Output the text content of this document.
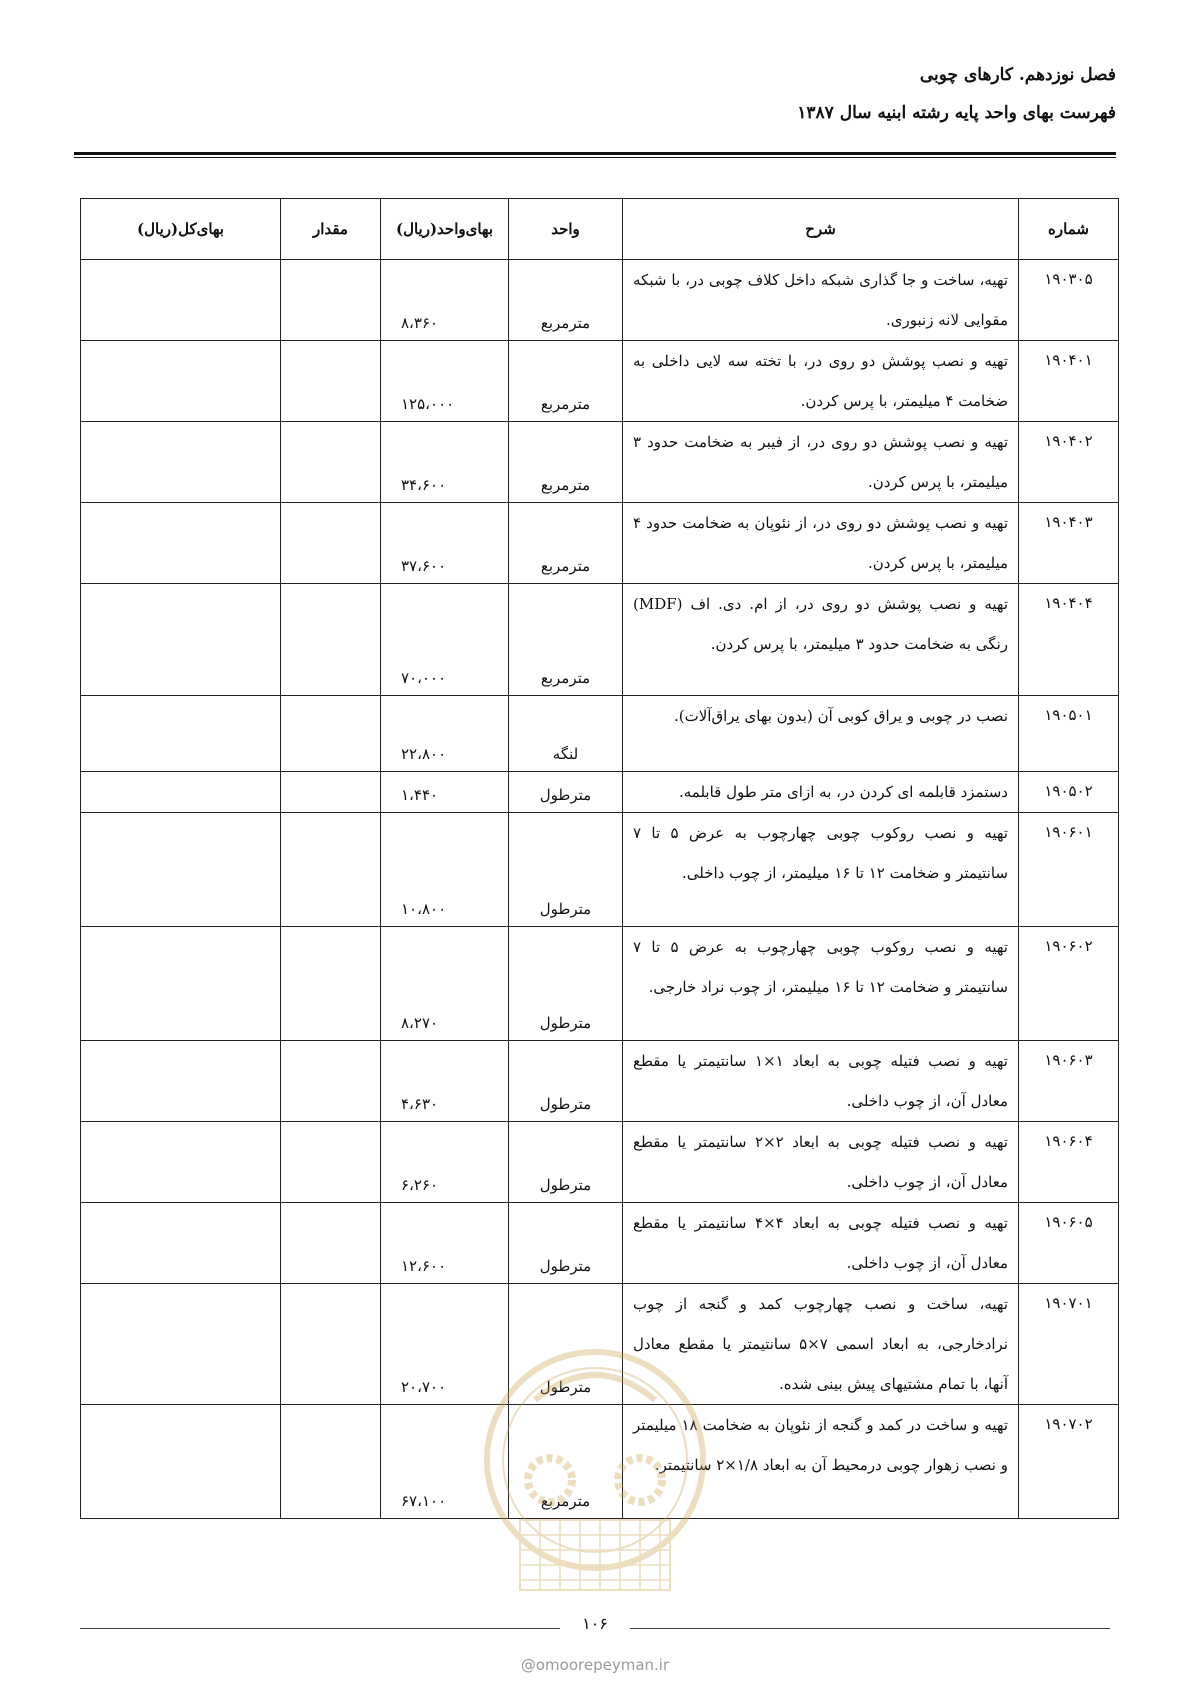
فصل نوزدهم. کارهای چوبی
فهرست بهای واحد پایه رشته ابنیه سال ۱۳۸۷
شماره	شرح	واحد	بهای‌واحد(ریال)	مقدار	بهای‌کل(ریال)
۱۹۰۳۰۵	تهیه، ساخت و جا گذاری شبکه داخل کلاف چوبی در، با شبکه مقوایی لانه زنبوری.	مترمربع	۸،۳۶۰		
۱۹۰۴۰۱	تهیه و نصب پوشش دو روی در، با تخته سه لایی داخلی به ضخامت ۴ میلیمتر، با پرس کردن.	مترمربع	۱۲۵،۰۰۰		
۱۹۰۴۰۲	تهیه و نصب پوشش دو روی در، از فیبر به ضخامت حدود ۳ میلیمتر، با پرس کردن.	مترمربع	۳۴،۶۰۰		
۱۹۰۴۰۳	تهیه و نصب پوشش دو روی در، از نئوپان به ضخامت حدود ۴ میلیمتر، با پرس کردن.	مترمربع	۳۷،۶۰۰		
۱۹۰۴۰۴	تهیه و نصب پوشش دو روی در، از ام. دی. اف (MDF) رنگی به ضخامت حدود ۳ میلیمتر، با پرس کردن.	مترمربع	۷۰،۰۰۰		
۱۹۰۵۰۱	نصب در چوبی و یراق کوبی آن (بدون بهای یراق‌آلات).	لنگه	۲۲،۸۰۰		
۱۹۰۵۰۲	دستمزد قابلمه ای کردن در، به ازای متر طول قابلمه.	مترطول	۱،۴۴۰		
۱۹۰۶۰۱	تهیه و نصب روکوب چوبی چهارچوب به عرض ۵ تا ۷ سانتیمتر و ضخامت ۱۲ تا ۱۶ میلیمتر، از چوب داخلی.	مترطول	۱۰،۸۰۰		
۱۹۰۶۰۲	تهیه و نصب روکوب چوبی چهارچوب به عرض ۵ تا ۷ سانتیمتر و ضخامت ۱۲ تا ۱۶ میلیمتر، از چوب نراد خارجی.	مترطول	۸،۲۷۰		
۱۹۰۶۰۳	تهیه و نصب فتیله چوبی به ابعاد ۱×۱ سانتیمتر یا مقطع معادل آن، از چوب داخلی.	مترطول	۴،۶۳۰		
۱۹۰۶۰۴	تهیه و نصب فتیله چوبی به ابعاد ۲×۲ سانتیمتر یا مقطع معادل آن، از چوب داخلی.	مترطول	۶،۲۶۰		
۱۹۰۶۰۵	تهیه و نصب فتیله چوبی به ابعاد ۴×۴ سانتیمتر یا مقطع معادل آن، از چوب داخلی.	مترطول	۱۲،۶۰۰		
۱۹۰۷۰۱	تهیه، ساخت و نصب چهارچوب کمد و گنجه از چوب نرادخارجی، به ابعاد اسمی ۷×۵ سانتیمتر یا مقطع معادل آنها، با تمام مشتیهای پیش بینی شده.	مترطول	۲۰،۷۰۰		
۱۹۰۷۰۲	تهیه و ساخت در کمد و گنجه از نئوپان به ضخامت ۱۸ میلیمتر و نصب زهوار چوبی درمحیط آن به ابعاد ۱/۸×۲ سانتیمتر.	مترمربع	۶۷،۱۰۰		
۱۰۶
@omoorepeyman.ir
